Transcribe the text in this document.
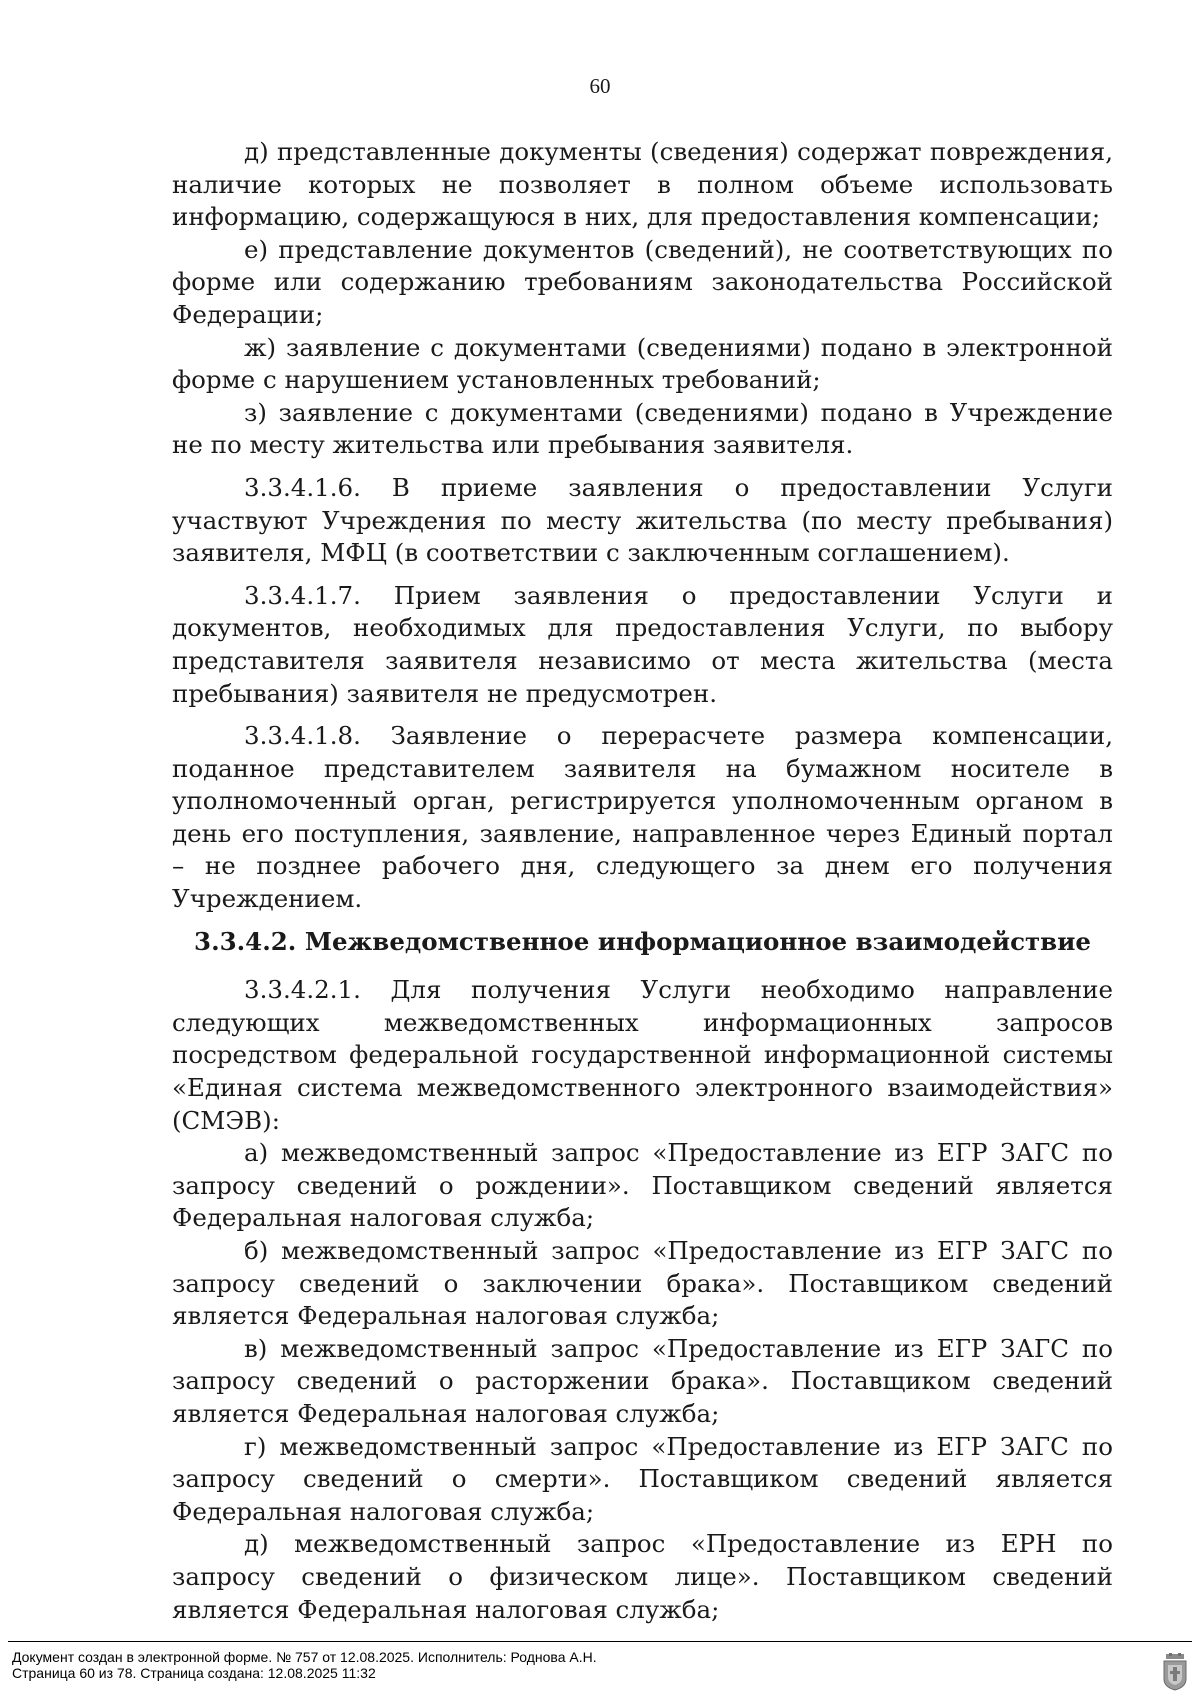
60

д) представленные документы (сведения) содержат повреждения, наличие которых не позволяет в полном объеме использовать информацию, содержащуюся в них, для предоставления компенсации;

е) представление документов (сведений), не соответствующих по форме или содержанию требованиям законодательства Российской Федерации;

ж) заявление с документами (сведениями) подано в электронной форме с нарушением установленных требований;

з) заявление с документами (сведениями) подано в Учреждение не по месту жительства или пребывания заявителя.

3.3.4.1.6. В приеме заявления о предоставлении Услуги участвуют Учреждения по месту жительства (по месту пребывания) заявителя, МФЦ (в соответствии с заключенным соглашением).

3.3.4.1.7. Прием заявления о предоставлении Услуги и документов, необходимых для предоставления Услуги, по выбору представителя заявителя независимо от места жительства (места пребывания) заявителя не предусмотрен.

3.3.4.1.8. Заявление о перерасчете размера компенсации, поданное представителем заявителя на бумажном носителе в уполномоченный орган, регистрируется уполномоченным органом в день его поступления, заявление, направленное через Единый портал – не позднее рабочего дня, следующего за днем его получения Учреждением.

3.3.4.2. Межведомственное информационное взаимодействие

3.3.4.2.1. Для получения Услуги необходимо направление следующих межведомственных информационных запросов посредством федеральной государственной информационной системы «Единая система межведомственного электронного взаимодействия» (СМЭВ):

а) межведомственный запрос «Предоставление из ЕГР ЗАГС по запросу сведений о рождении». Поставщиком сведений является Федеральная налоговая служба;

б) межведомственный запрос «Предоставление из ЕГР ЗАГС по запросу сведений о заключении брака». Поставщиком сведений является Федеральная налоговая служба;

в) межведомственный запрос «Предоставление из ЕГР ЗАГС по запросу сведений о расторжении брака». Поставщиком сведений является Федеральная налоговая служба;

г) межведомственный запрос «Предоставление из ЕГР ЗАГС по запросу сведений о смерти». Поставщиком сведений является Федеральная налоговая служба;

д) межведомственный запрос «Предоставление из ЕРН по запросу сведений о физическом лице». Поставщиком сведений является Федеральная налоговая служба;

Документ создан в электронной форме. № 757 от 12.08.2025. Исполнитель: Роднова А.Н.
Страница 60 из 78. Страница создана: 12.08.2025 11:32
